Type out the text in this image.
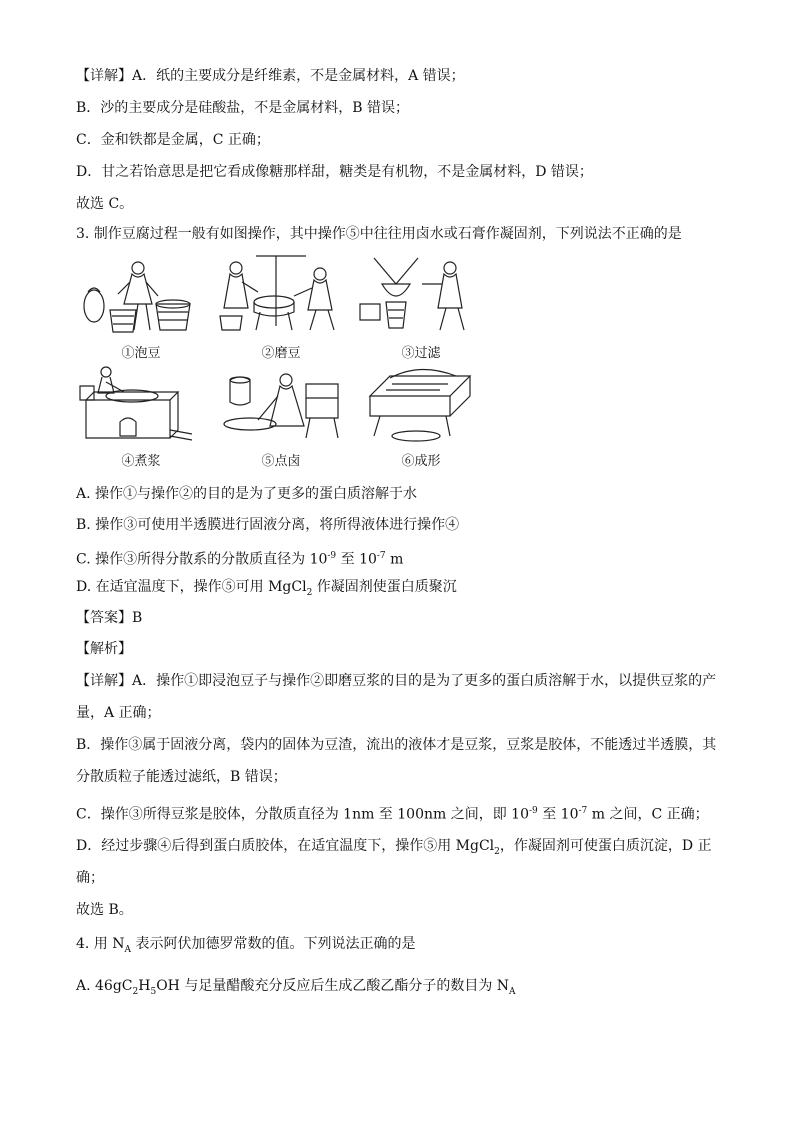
【详解】A．纸的主要成分是纤维素，不是金属材料，A 错误；
B．沙的主要成分是硅酸盐，不是金属材料，B 错误；
C．金和铁都是金属，C 正确；
D．甘之若饴意思是把它看成像糖那样甜，糖类是有机物，不是金属材料，D 错误；
故选 C。
3. 制作豆腐过程一般有如图操作，其中操作⑤中往往用卤水或石膏作凝固剂，下列说法不正确的是
①泡豆	②磨豆	③过滤
④煮浆	⑤点卤	⑥成形
A. 操作①与操作②的目的是为了更多的蛋白质溶解于水
B. 操作③可使用半透膜进行固液分离，将所得液体进行操作④
C. 操作③所得分散系的分散质直径为 $10^{-9}$ 至 $10^{-7}$ m
D. 在适宜温度下，操作⑤可用 MgCl$_2$ 作凝固剂使蛋白质聚沉
【答案】B
【解析】
【详解】A．操作①即浸泡豆子与操作②即磨豆浆的目的是为了更多的蛋白质溶解于水，以提供豆浆的产
量，A 正确；
B．操作③属于固液分离，袋内的固体为豆渣，流出的液体才是豆浆，豆浆是胶体，不能透过半透膜，其
分散质粒子能透过滤纸，B 错误；
C．操作③所得豆浆是胶体，分散质直径为 1nm 至 100nm 之间，即 $10^{-9}$ 至 $10^{-7}$ m 之间，C 正确；
D．经过步骤④后得到蛋白质胶体，在适宜温度下，操作⑤用 MgCl$_2$，作凝固剂可使蛋白质沉淀，D 正
确；
故选 B。
4. 用 $N_A$ 表示阿伏加德罗常数的值。下列说法正确的是
A. $46gC_2H_5OH$ 与足量醋酸充分反应后生成乙酸乙酯分子的数目为 $N_A$
